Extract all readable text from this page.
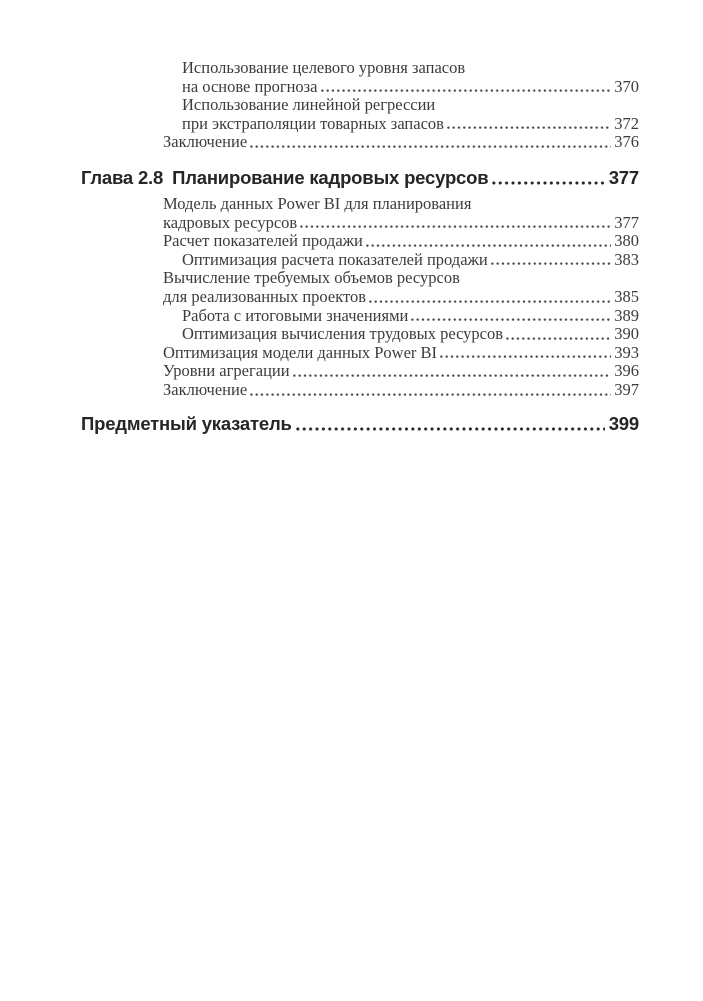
Использование целевого уровня запасов
на основе прогноза	370
Использование линейной регрессии
при экстраполяции товарных запасов	372
Заключение	376
Глава 2.8 Планирование кадровых ресурсов	377
Модель данных Power BI для планирования
кадровых ресурсов	377
Расчет показателей продажи	380
Оптимизация расчета показателей продажи	383
Вычисление требуемых объемов ресурсов
для реализованных проектов	385
Работа с итоговыми значениями	389
Оптимизация вычисления трудовых ресурсов	390
Оптимизация модели данных Power BI	393
Уровни агрегации	396
Заключение	397
Предметный указатель	399
